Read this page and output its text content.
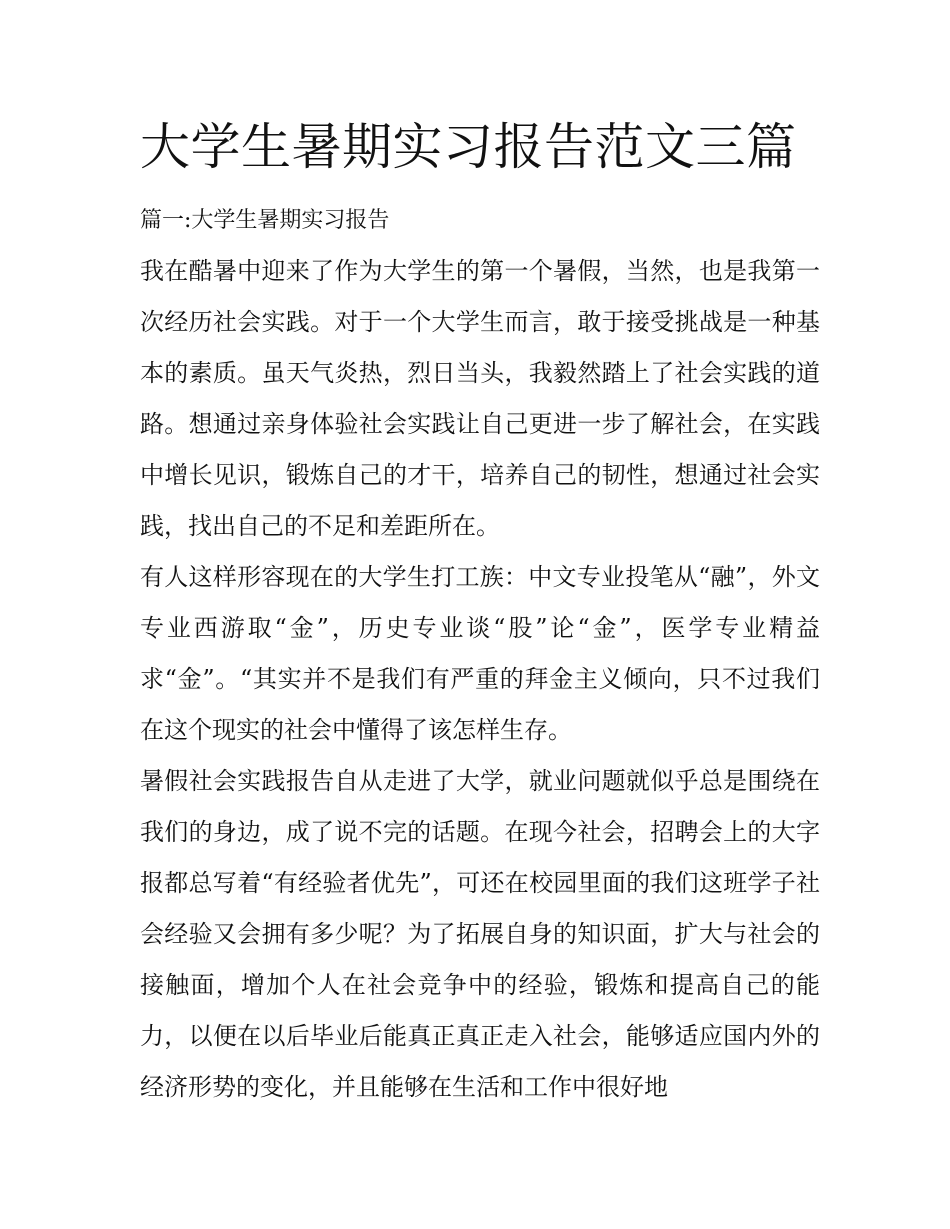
大学生暑期实习报告范文三篇
篇一:大学生暑期实习报告

我在酷暑中迎来了作为大学生的第一个暑假，当然，也是我第一次经历社会实践。对于一个大学生而言，敢于接受挑战是一种基本的素质。虽天气炎热，烈日当头，我毅然踏上了社会实践的道路。想通过亲身体验社会实践让自己更进一步了解社会，在实践中增长见识，锻炼自己的才干，培养自己的韧性，想通过社会实践，找出自己的不足和差距所在。

有人这样形容现在的大学生打工族：中文专业投笔从“融”，外文专业西游取“金”，历史专业谈“股”论“金”，医学专业精益求“金”。“其实并不是我们有严重的拜金主义倾向，只不过我们在这个现实的社会中懂得了该怎样生存。

暑假社会实践报告自从走进了大学，就业问题就似乎总是围绕在我们的身边，成了说不完的话题。在现今社会，招聘会上的大字报都总写着“有经验者优先”，可还在校园里面的我们这班学子社会经验又会拥有多少呢？为了拓展自身的知识面，扩大与社会的接触面，增加个人在社会竞争中的经验，锻炼和提高自己的能力，以便在以后毕业后能真正真正走入社会，能够适应国内外的经济形势的变化，并且能够在生活和工作中很好地
